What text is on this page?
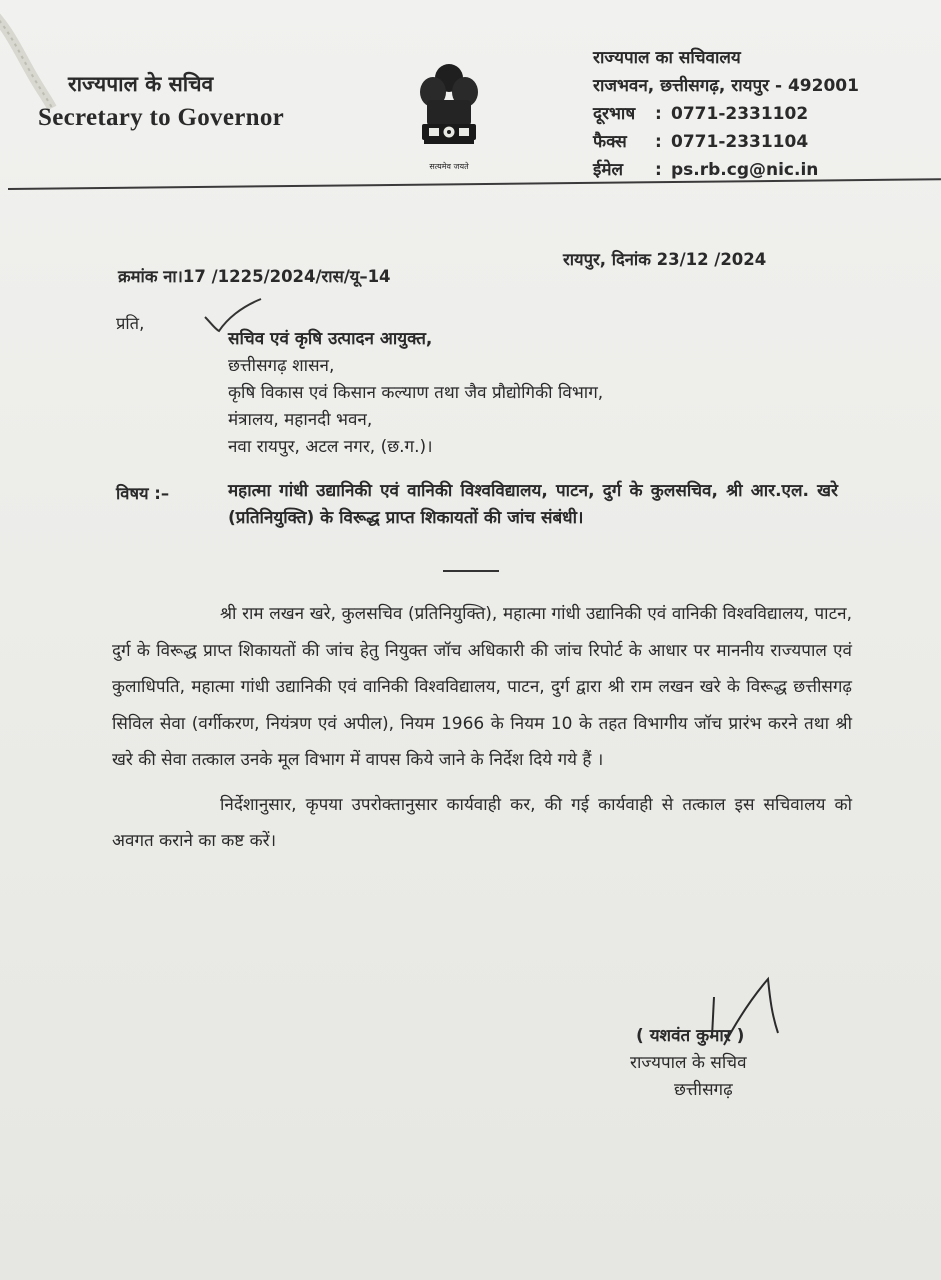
राज्यपाल के सचिव
Secretary to Governor
सत्यमेव जयते
राज्यपाल का सचिवालय
राजभवन, छत्तीसगढ़, रायपुर - 492001
दूरभाष	: 0771-2331102
फैक्स	: 0771-2331104
ईमेल	: ps.rb.cg@nic.in
क्रमांक ना।17 /1225/2024/रास/यू–14
रायपुर, दिनांक 23/12 /2024
प्रति,
सचिव एवं कृषि उत्पादन आयुक्त,
छत्तीसगढ़ शासन,
कृषि विकास एवं किसान कल्याण तथा जैव प्रौद्योगिकी विभाग,
मंत्रालय, महानदी भवन,
नवा रायपुर, अटल नगर, (छ.ग.)।
विषय :–	महात्मा गांधी उद्यानिकी एवं वानिकी विश्वविद्यालय, पाटन, दुर्ग के कुलसचिव, श्री आर.एल. खरे (प्रतिनियुक्ति) के विरूद्ध प्राप्त शिकायतों की जांच संबंधी।

श्री राम लखन खरे, कुलसचिव (प्रतिनियुक्ति), महात्मा गांधी उद्यानिकी एवं वानिकी विश्वविद्यालय, पाटन, दुर्ग के विरूद्ध प्राप्त शिकायतों की जांच हेतु नियुक्त जॉच अधिकारी की जांच रिपोर्ट के आधार पर माननीय राज्यपाल एवं कुलाधिपति, महात्मा गांधी उद्यानिकी एवं वानिकी विश्वविद्यालय, पाटन, दुर्ग द्वारा श्री राम लखन खरे के विरूद्ध छत्तीसगढ़ सिविल सेवा (वर्गीकरण, नियंत्रण एवं अपील), नियम 1966 के नियम 10 के तहत विभागीय जॉच प्रारंभ करने तथा श्री खरे की सेवा तत्काल उनके मूल विभाग में वापस किये जाने के निर्देश दिये गये हैं ।

निर्देशानुसार, कृपया उपरोक्तानुसार कार्यवाही कर, की गई कार्यवाही से तत्काल इस सचिवालय को अवगत कराने का कष्ट करें।

( यशवंत कुमार )
राज्यपाल के सचिव
छत्तीसगढ़
